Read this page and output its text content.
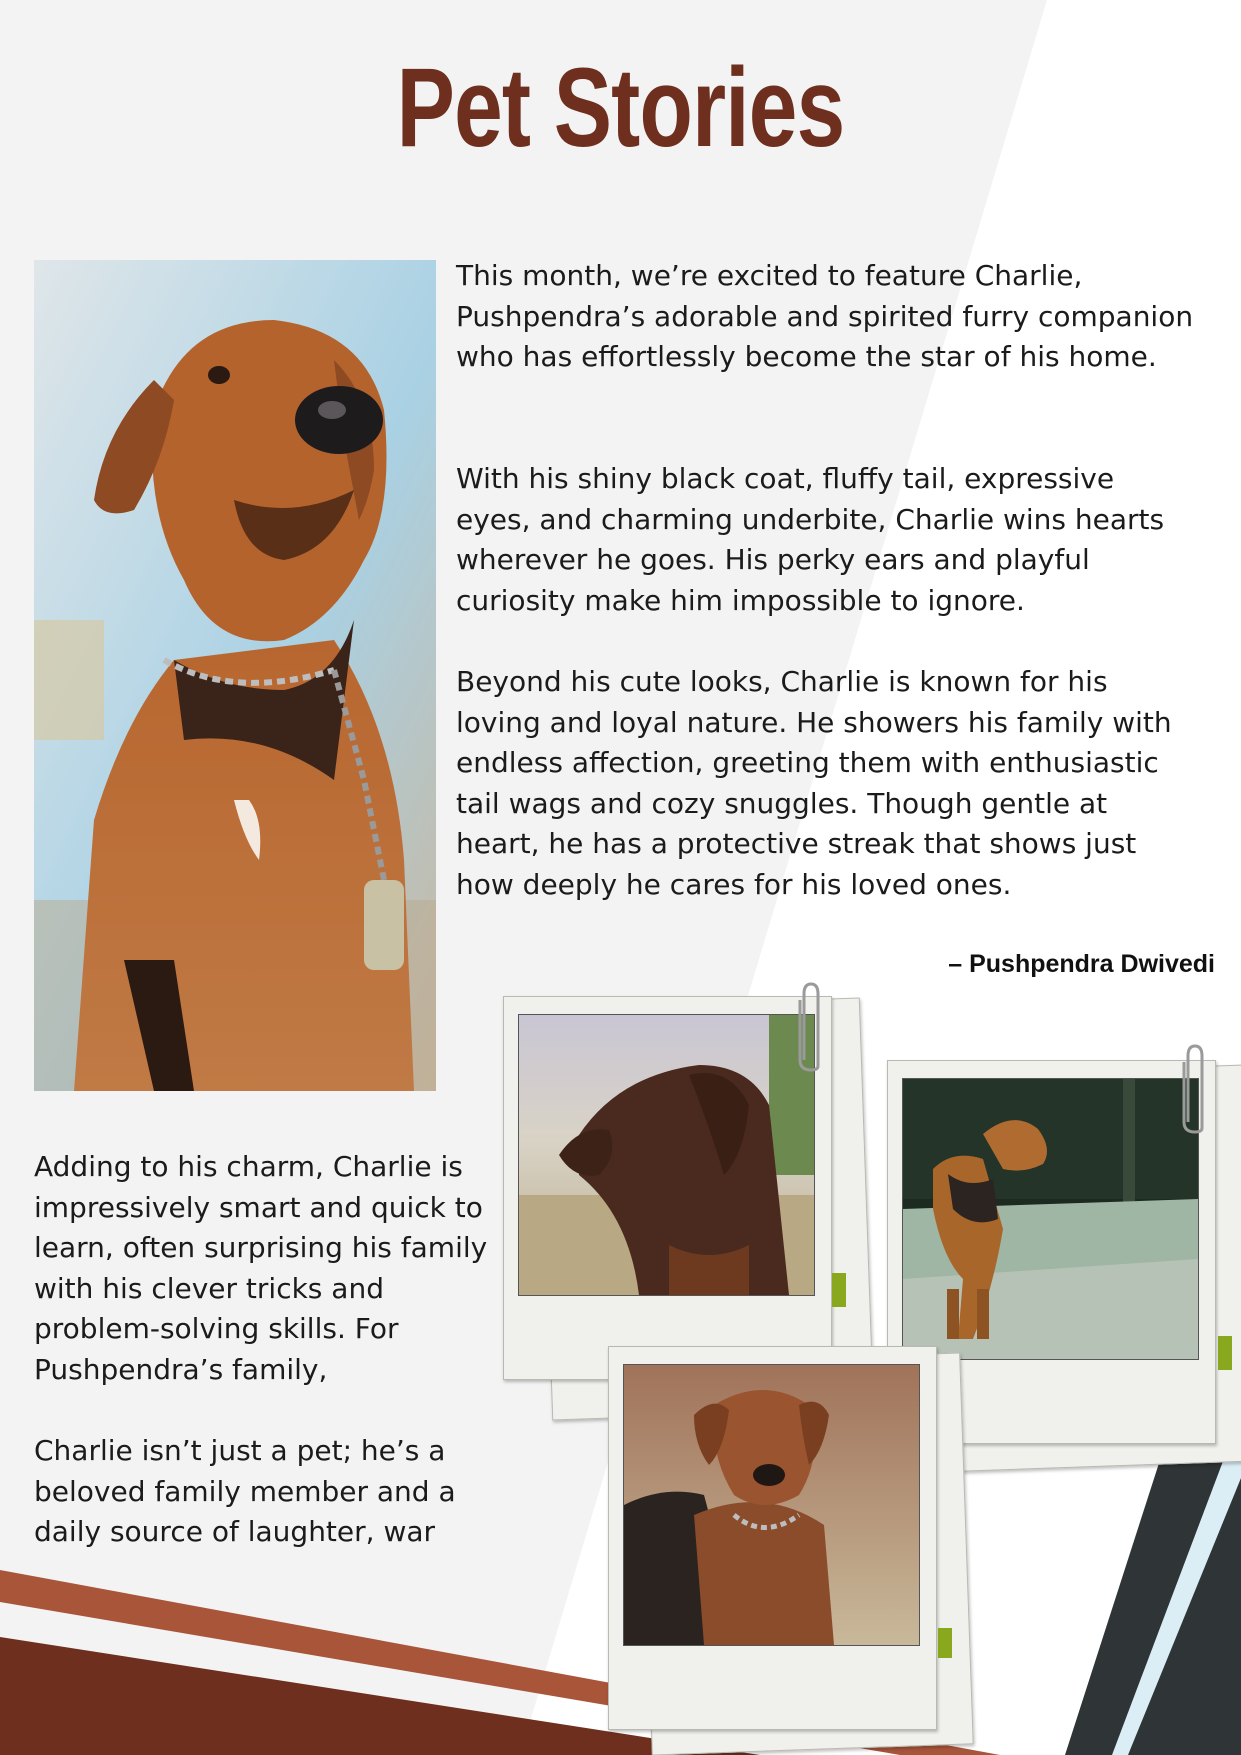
Pet Stories

This month, we’re excited to feature Charlie, Pushpendra’s adorable and spirited furry companion who has effortlessly become the star of his home.

With his shiny black coat, fluffy tail, expressive eyes, and charming underbite, Charlie wins hearts wherever he goes. His perky ears and playful curiosity make him impossible to ignore.

Beyond his cute looks, Charlie is known for his loving and loyal nature. He showers his family with endless affection, greeting them with enthusiastic tail wags and cozy snuggles. Though gentle at heart, he has a protective streak that shows just how deeply he cares for his loved ones.

– Pushpendra Dwivedi

Adding to his charm, Charlie is impressively smart and quick to learn, often surprising his family with his clever tricks and problem-solving skills. For Pushpendra’s family,

Charlie isn’t just a pet; he’s a beloved family member and a daily source of laughter, war
